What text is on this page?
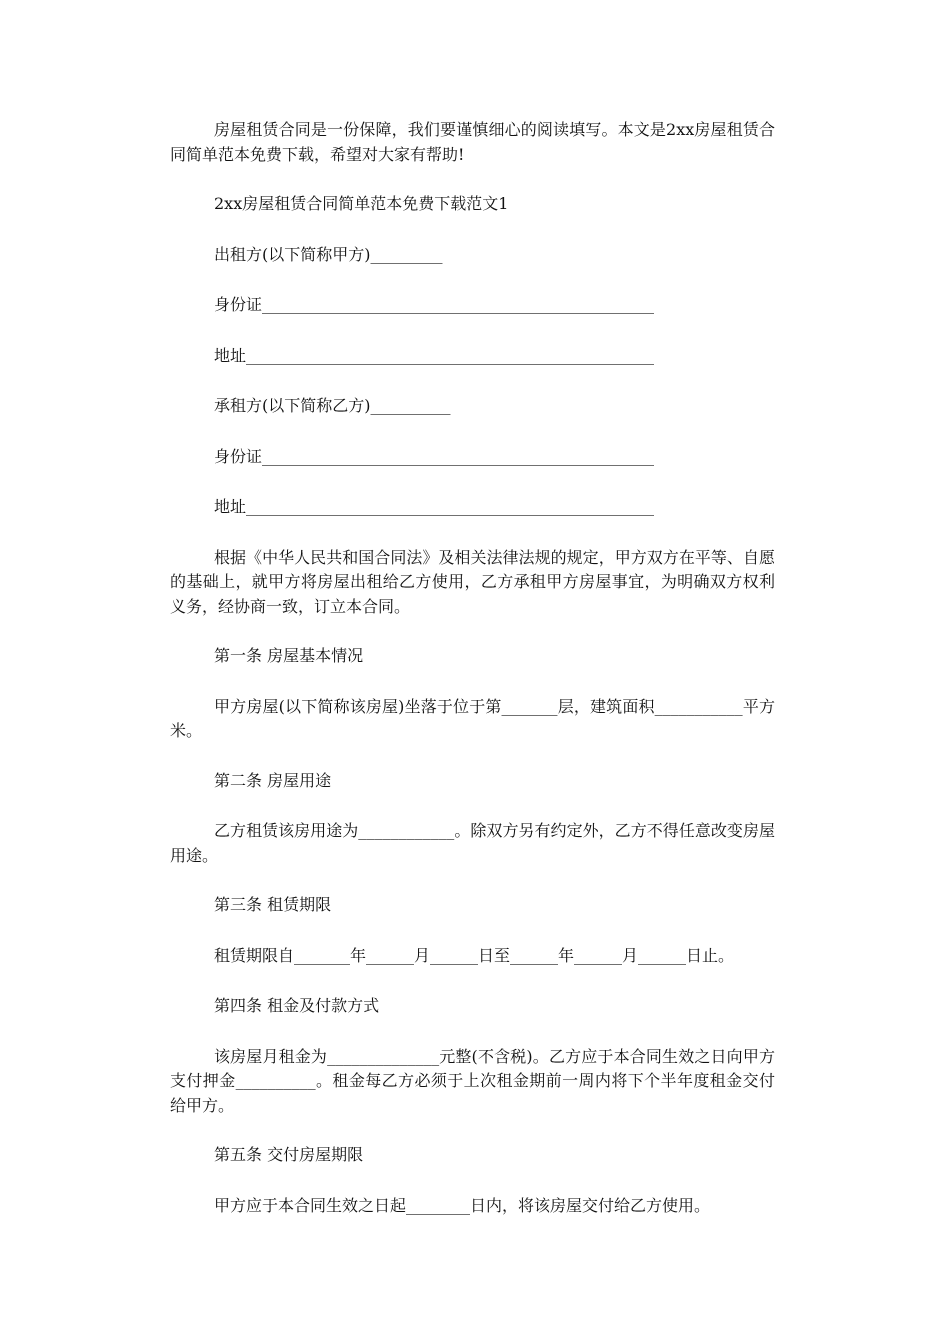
房屋租赁合同是一份保障，我们要谨慎细心的阅读填写。本文是2xx房屋租赁合同简单范本免费下载，希望对大家有帮助!

2xx房屋租赁合同简单范本免费下载范文1

出租方(以下简称甲方)_________

身份证_________________________________________________

地址___________________________________________________

承租方(以下简称乙方)__________

身份证_________________________________________________

地址___________________________________________________

根据《中华人民共和国合同法》及相关法律法规的规定，甲方双方在平等、自愿的基础上，就甲方将房屋出租给乙方使用，乙方承租甲方房屋事宜，为明确双方权利义务，经协商一致，订立本合同。

第一条 房屋基本情况

甲方房屋(以下简称该房屋)坐落于位于第_______层，建筑面积___________平方米。

第二条 房屋用途

乙方租赁该房用途为____________。除双方另有约定外，乙方不得任意改变房屋用途。

第三条 租赁期限

租赁期限自_______年______月______日至______年______月______日止。

第四条 租金及付款方式

该房屋月租金为______________元整(不含税)。乙方应于本合同生效之日向甲方支付押金__________。租金每乙方必须于上次租金期前一周内将下个半年度租金交付给甲方。

第五条 交付房屋期限

甲方应于本合同生效之日起________日内，将该房屋交付给乙方使用。
